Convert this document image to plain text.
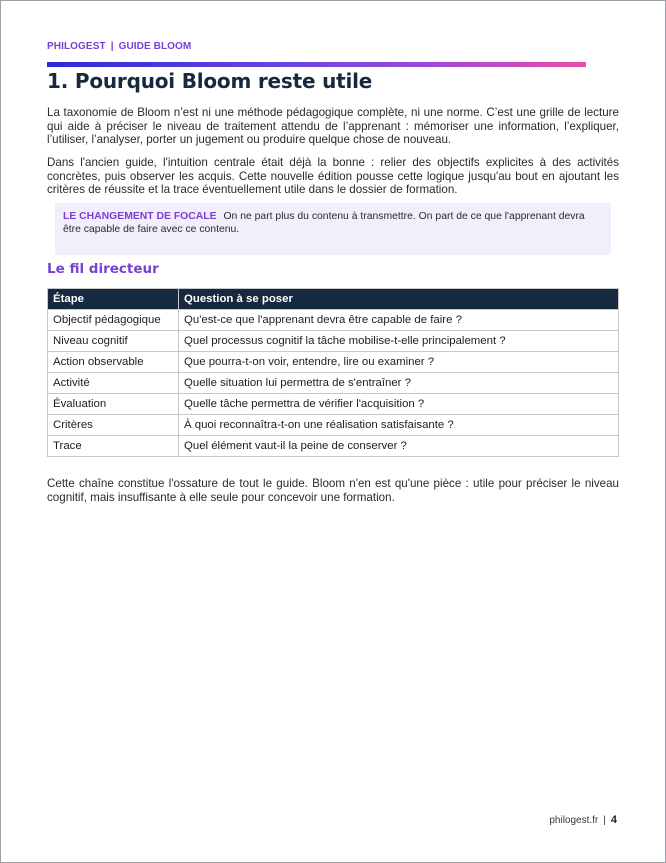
PHILOGEST | GUIDE BLOOM
1. Pourquoi Bloom reste utile

La taxonomie de Bloom n’est ni une méthode pédagogique complète, ni une norme. C’est une grille de lecture qui aide à préciser le niveau de traitement attendu de l’apprenant : mémoriser une information, l’expliquer, l’utiliser, l’analyser, porter un jugement ou produire quelque chose de nouveau.

Dans l'ancien guide, l'intuition centrale était déjà la bonne : relier des objectifs explicites à des activités concrètes, puis observer les acquis. Cette nouvelle édition pousse cette logique jusqu'au bout en ajoutant les critères de réussite et la trace éventuellement utile dans le dossier de formation.

LE CHANGEMENT DE FOCALE On ne part plus du contenu à transmettre. On part de ce que l'apprenant devra être capable de faire avec ce contenu.
Le fil directeur
Étape	Question à se poser
Objectif pédagogique	Qu'est-ce que l'apprenant devra être capable de faire ?
Niveau cognitif	Quel processus cognitif la tâche mobilise-t-elle principalement ?
Action observable	Que pourra-t-on voir, entendre, lire ou examiner ?
Activité	Quelle situation lui permettra de s'entraîner ?
Évaluation	Quelle tâche permettra de vérifier l'acquisition ?
Critères	À quoi reconnaîtra-t-on une réalisation satisfaisante ?
Trace	Quel élément vaut-il la peine de conserver ?

Cette chaîne constitue l'ossature de tout le guide. Bloom n'en est qu'une pièce : utile pour préciser le niveau cognitif, mais insuffisante à elle seule pour concevoir une formation.

philogest.fr | 4
